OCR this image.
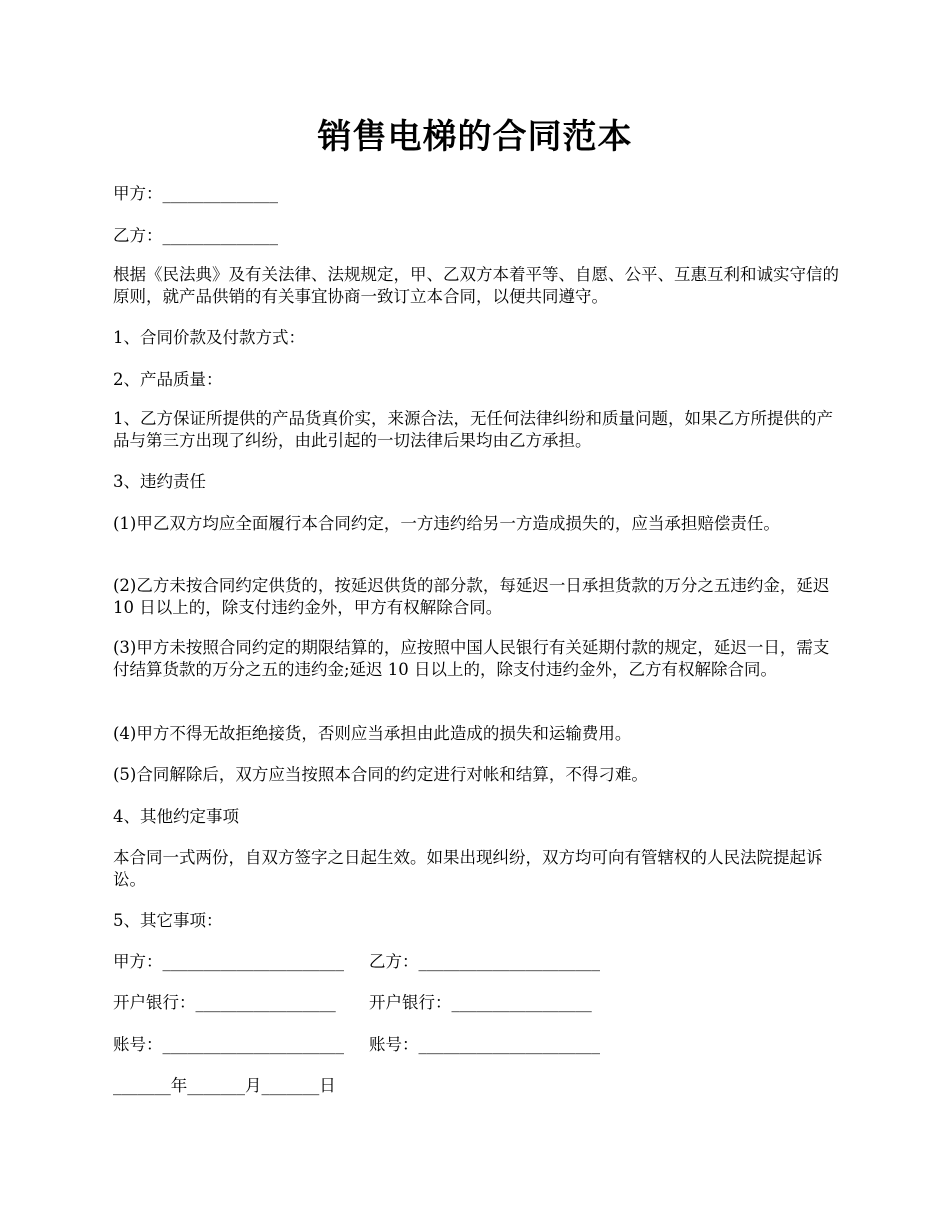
销售电梯的合同范本
甲方：______________
乙方：______________

根据《民法典》及有关法律、法规规定，甲、乙双方本着平等、自愿、公平、互惠互利和诚实守信的原则，就产品供销的有关事宜协商一致订立本合同，以便共同遵守。

1、合同价款及付款方式：
2、产品质量：

1、乙方保证所提供的产品货真价实，来源合法，无任何法律纠纷和质量问题，如果乙方所提供的产品与第三方出现了纠纷，由此引起的一切法律后果均由乙方承担。

3、违约责任

(1)甲乙双方均应全面履行本合同约定，一方违约给另一方造成损失的，应当承担赔偿责任。

(2)乙方未按合同约定供货的，按延迟供货的部分款，每延迟一日承担货款的万分之五违约金，延迟 10 日以上的，除支付违约金外，甲方有权解除合同。

(3)甲方未按照合同约定的期限结算的，应按照中国人民银行有关延期付款的规定，延迟一日，需支付结算货款的万分之五的违约金;延迟 10 日以上的，除支付违约金外，乙方有权解除合同。

(4)甲方不得无故拒绝接货，否则应当承担由此造成的损失和运输费用。
(5)合同解除后，双方应当按照本合同的约定进行对帐和结算，不得刁难。
4、其他约定事项

本合同一式两份，自双方签字之日起生效。如果出现纠纷，双方均可向有管辖权的人民法院提起诉讼。

5、其它事项：
甲方：______________________ 乙方：______________________
开户银行：_________________ 开户银行：_________________
账号：______________________ 账号：______________________
_______年_______月_______日
